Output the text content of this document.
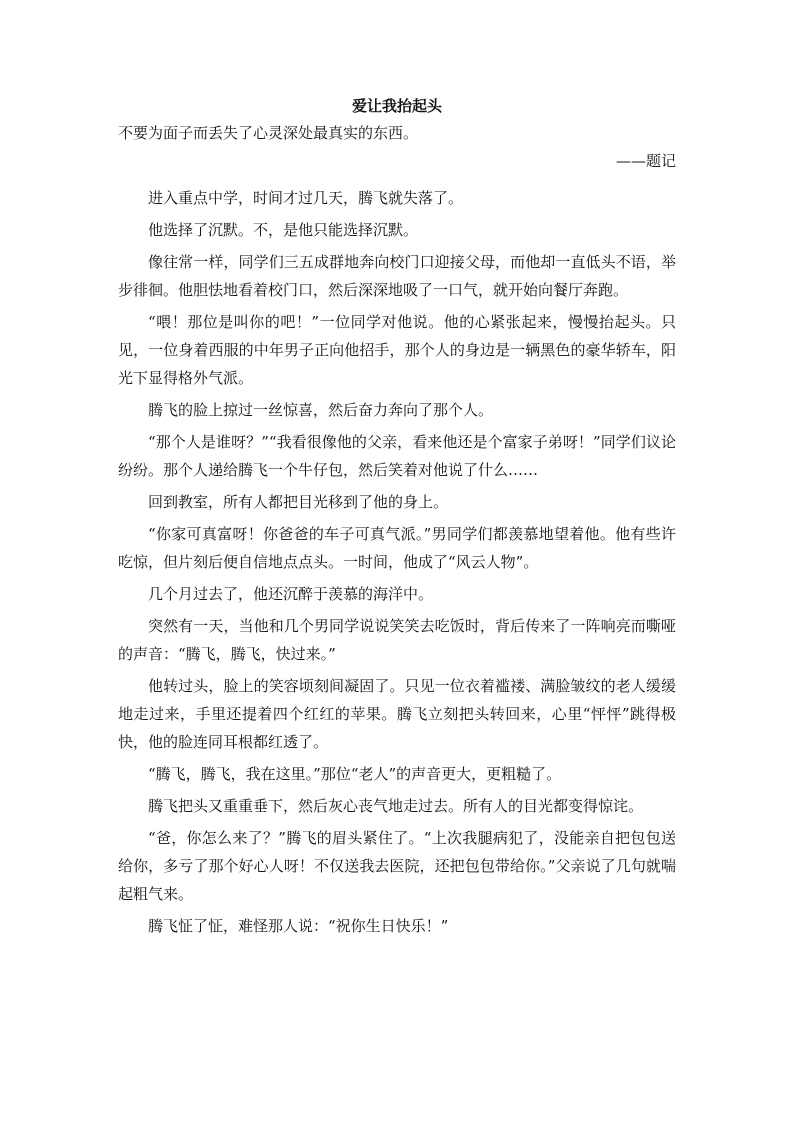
爱让我抬起头
不要为面子而丢失了心灵深处最真实的东西。
——题记

进入重点中学，时间才过几天，腾飞就失落了。

他选择了沉默。不，是他只能选择沉默。

像往常一样，同学们三五成群地奔向校门口迎接父母，而他却一直低头不语，举步徘徊。他胆怯地看着校门口，然后深深地吸了一口气，就开始向餐厅奔跑。

“喂！那位是叫你的吧！”一位同学对他说。他的心紧张起来，慢慢抬起头。只见，一位身着西服的中年男子正向他招手，那个人的身边是一辆黑色的豪华轿车，阳光下显得格外气派。

腾飞的脸上掠过一丝惊喜，然后奋力奔向了那个人。

“那个人是谁呀？”“我看很像他的父亲，看来他还是个富家子弟呀！”同学们议论纷纷。那个人递给腾飞一个牛仔包，然后笑着对他说了什么……

回到教室，所有人都把目光移到了他的身上。

“你家可真富呀！你爸爸的车子可真气派。”男同学们都羡慕地望着他。他有些许吃惊，但片刻后便自信地点点头。一时间，他成了“风云人物”。

几个月过去了，他还沉醉于羡慕的海洋中。

突然有一天，当他和几个男同学说说笑笑去吃饭时，背后传来了一阵响亮而嘶哑的声音：“腾飞，腾飞，快过来。”

他转过头，脸上的笑容顷刻间凝固了。只见一位衣着褴褛、满脸皱纹的老人缓缓地走过来，手里还提着四个红红的苹果。腾飞立刻把头转回来，心里“怦怦”跳得极快，他的脸连同耳根都红透了。

“腾飞，腾飞，我在这里。”那位“老人”的声音更大，更粗糙了。

腾飞把头又重重垂下，然后灰心丧气地走过去。所有人的目光都变得惊诧。

“爸，你怎么来了？”腾飞的眉头紧住了。“上次我腿病犯了，没能亲自把包包送给你，多亏了那个好心人呀！不仅送我去医院，还把包包带给你。”父亲说了几句就喘起粗气来。

腾飞怔了怔，难怪那人说：“祝你生日快乐！”
